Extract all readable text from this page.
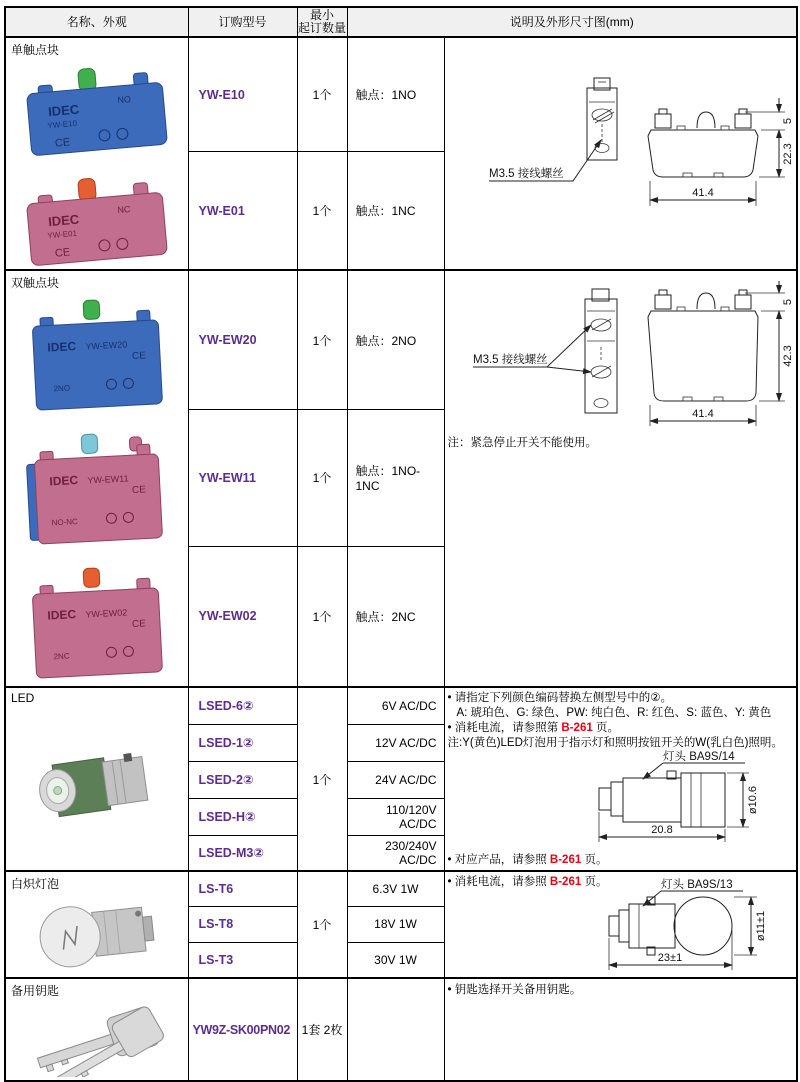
名称、外观	订购型号	最小
起订数量	说明及外形尺寸图(mm)	

单触点块
IDEC
YW-E10
NO
CE
IDEC
YW-E01
NC
CE
	YW-E10	1个	触点：1NO	
M3.5 接线螺丝
5
22.3
41.4

	YW-E01	1个	触点：1NC	

双触点块
IDEC YW-EW20
CE
2NO
IDEC YW-EW11
CE
NO-NC
IDEC YW-EW02
CE
2NC
	YW-EW20	1个	触点：2NO	
M3.5 接线螺丝
5
42.3
41.4
注：紧急停止开关不能使用。

	YW-EW11	1个	触点：1NO-1NC	
	YW-EW02	1个	触点：2NC	

LED
	LSED-6②	1个	6V AC/DC	
• 请指定下列颜色编码替换左侧型号中的②。
A: 琥珀色、G: 绿色、PW: 纯白色、R: 红色、S: 蓝色、Y: 黄色
• 消耗电流，请参照第 B-261 页。
注:Y(黄色)LED灯泡用于指示灯和照明按钮开关的W(乳白色)照明。
灯头 BA9S/14
20.8
ø10.6
• 对应产品，请参照 B-261 页。

	LSED-1②		12V AC/DC	
	LSED-2②		24V AC/DC	
	LSED-H②		110/120V AC/DC	
	LSED-M3②		230/240V AC/DC	

白炽灯泡	LS-T6	1个	6.3V 1W	• 消耗电流，请参照 B-261 页。 灯头 BA9S/13
23±1
ø11±1

	LS-T8		18V 1W	
	LS-T3		30V 1W	

备用钥匙	YW9Z-SK00PN02	1套 2枚		• 钥匙选择开关备用钥匙。
